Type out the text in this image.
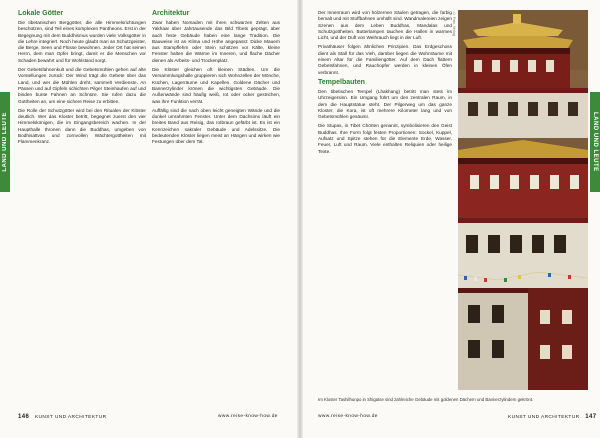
LAND UND LEUTE	LAND UND LEUTE
Lokale Götter

Die tibetanischen Berggötter, die alle Himmelsrichtungen beschützen, sind Teil eines komplexen Pantheons. Erst in der Begegnung mit dem Buddhismus wurden viele Volksgötter in die Lehre integriert. Noch heute glaubt man an Schutzgeister, die Berge, Seen und Flüsse bewohnen. Jeder Ort hat seinen Herrn, dem man Opfer bringt, damit er die Menschen vor Schaden bewahrt und für Wohlstand sorgt.

Der Gebetsfahnenkult und die Gebetsmühlen gehen auf alte Vorstellungen zurück: Der Wind trägt die Gebete über das Land, und wer die Mühlen dreht, sammelt Verdienste. An Pässen und auf Gipfeln schichten Pilger Steinhaufen auf und binden bunte Fahnen an Schnüre. Sie rufen dazu die Gottheiten an, um eine sichere Reise zu erbitten.

Die Rolle der Schutzgötter wird bei den Ritualen der Klöster deutlich. Wer das Kloster betritt, begegnet zuerst den vier Himmelskönigen, die im Eingangsbereich wachen. In der Haupthalle thronen dann die Buddhas, umgeben von Bodhisattvas und zornvollen Wächtergottheiten mit Flammenkranz.

Architektur

Zwar haben Nomaden mit ihren schwarzen Zelten aus Yakhaar über Jahrtausende das Bild Tibets geprägt, aber auch feste Gebäude haben eine lange Tradition. Die Bauweise ist an Klima und Höhe angepasst: Dicke Mauern aus Stampflehm oder Stein schützen vor Kälte, kleine Fenster halten die Wärme im Inneren, und flache Dächer dienen als Arbeits- und Trockenplatz.

Die Klöster gleichen oft kleinen Städten. Um die Versammlungshalle gruppieren sich Wohnzellen der Mönche, Küchen, Lagerräume und Kapellen. Goldene Dächer und Bannerzylinder krönen die wichtigsten Gebäude. Die Außenwände sind häufig weiß, rot oder ocker gestrichen, was ihre Funktion verrät.

Auffällig sind die nach oben leicht geneigten Wände und die dunkel umrahmten Fenster. Unter dem Dachsims läuft ein breites Band aus Reisig, das rotbraun gefärbt ist. Es ist ein Kennzeichen sakraler Gebäude und Adelssitze. Die bedeutenden Klöster liegen meist an Hängen und wirken wie Festungen über dem Tal.

Der Innenraum wird von hölzernen Säulen getragen, die farbig bemalt und mit Stoffbahnen umhüllt sind. Wandmalereien zeigen Szenen aus dem Leben Buddhas, Mandalas und Schutzgottheiten. Butterlampen tauchen die Hallen in warmes Licht, und der Duft von Weihrauch liegt in der Luft.

Privathäuser folgen ähnlichen Prinzipien. Das Erdgeschoss dient als Stall für das Vieh, darüber liegen die Wohnräume mit einem Altar für die Familiengötter. Auf dem Dach flattern Gebetsfahnen, und Rauchopfer werden in kleinen Öfen verbrannt.

Tempelbauten

Den tibetischen Tempel (Lhakhang) betritt man stets im Uhrzeigersinn. Ein Umgang führt um den zentralen Raum, in dem die Hauptstatue steht. Der Pilgerweg um das ganze Kloster, die Kora, ist oft mehrere Kilometer lang und von Gebetsmühlen gesäumt.

Die Stupas, in Tibet Chörten genannt, symbolisieren den Geist Buddhas. Ihre Form folgt festen Proportionen: Sockel, Kuppel, Aufsatz und Spitze stehen für die Elemente Erde, Wasser, Feuer, Luft und Raum. Viele enthalten Reliquien oder heilige Texte.

© Foto: Verlag
Im Kloster Tashilhunpo in Shigatse sind zahlreiche Gebäude mit goldenen Dächern und Bannerzylindern gekrönt.
146 KUNST UND ARCHITEKTUR	www.reise-know-how.de	www.reise-know-how.de	KUNST UND ARCHITEKTUR 147
